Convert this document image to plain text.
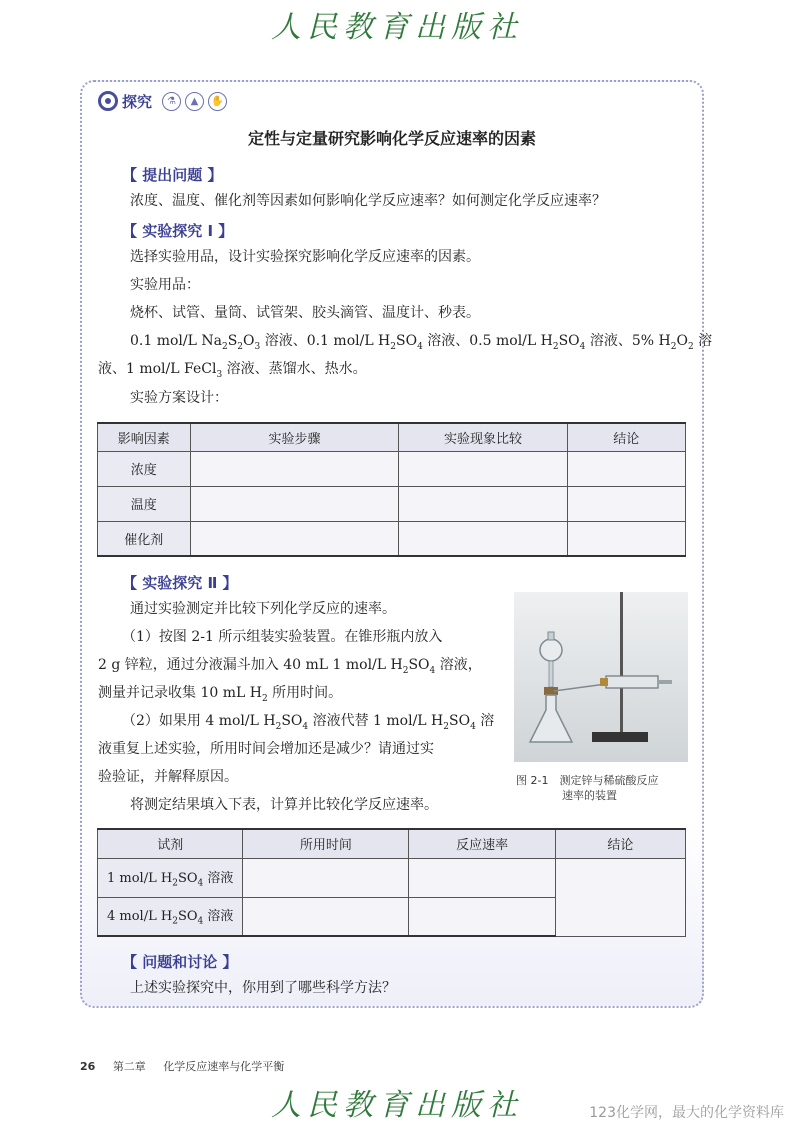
人民教育出版社
探究	⚗	▲	✋
定性与定量研究影响化学反应速率的因素
【 提出问题 】
浓度、温度、催化剂等因素如何影响化学反应速率？如何测定化学反应速率？
【 实验探究 Ⅰ 】
选择实验用品，设计实验探究影响化学反应速率的因素。
实验用品：
烧杯、试管、量筒、试管架、胶头滴管、温度计、秒表。
0.1 mol/L $Na_2S_2O_3$ 溶液、0.1 mol/L $H_2SO_4$ 溶液、0.5 mol/L $H_2SO_4$ 溶液、5% $H_2O_2$ 溶
液、1 mol/L FeCl$_3$ 溶液、蒸馏水、热水。
实验方案设计：
影响因素	实验步骤	实验现象比较	结论
浓度			
温度			
催化剂			
【 实验探究 Ⅱ 】
通过实验测定并比较下列化学反应的速率。
（1）按图 2-1 所示组装实验装置。在锥形瓶内放入
2 g 锌粒，通过分液漏斗加入 40 mL 1 mol/L $H_2SO_4$ 溶液，
测量并记录收集 10 mL $H_2$ 所用时间。
（2）如果用 4 mol/L $H_2SO_4$ 溶液代替 1 mol/L $H_2SO_4$ 溶
液重复上述实验，所用时间会增加还是减少？请通过实
验验证，并解释原因。
将测定结果填入下表，计算并比较化学反应速率。
图 2-1　测定锌与稀硫酸反应
速率的装置
试剂	所用时间	反应速率	结论
1 mol/L $H_2SO_4$ 溶液			
4 mol/L $H_2SO_4$ 溶液			
【 问题和讨论 】
上述实验探究中，你用到了哪些科学方法？
26 第二章 化学反应速率与化学平衡
人民教育出版社	123化学网，最大的化学资料库
